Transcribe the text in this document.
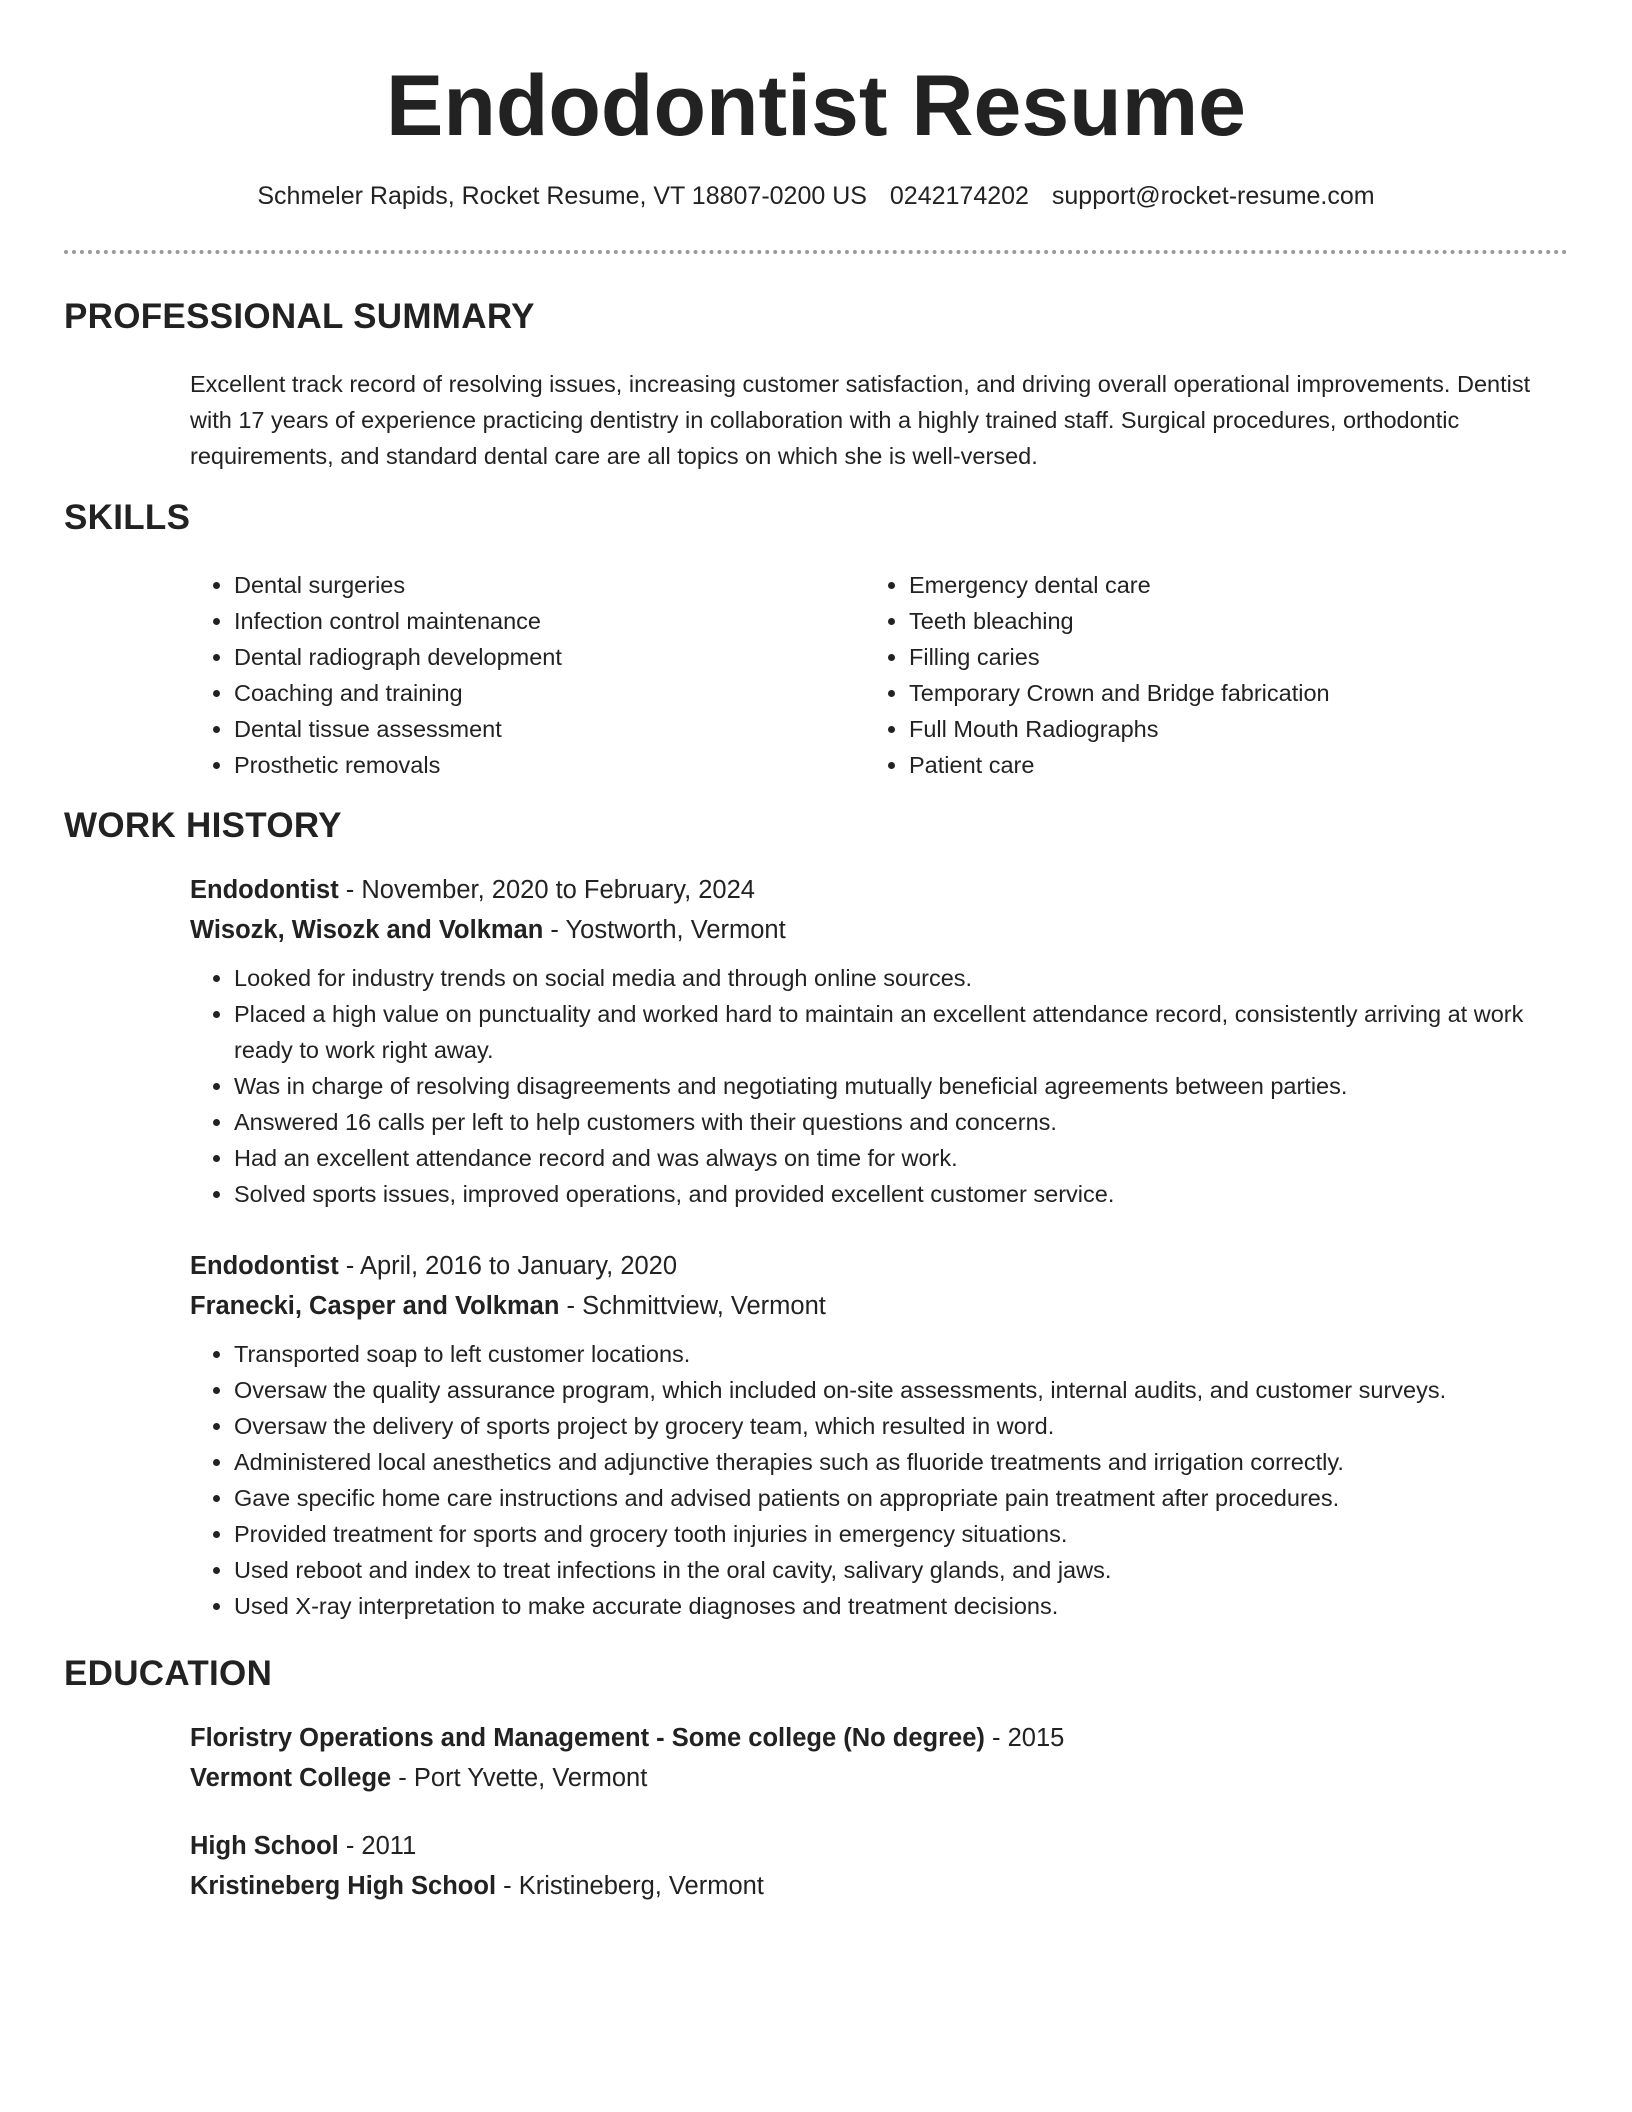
Endodontist Resume
Schmeler Rapids, Rocket Resume, VT 18807-0200 US 0242174202 support@rocket-resume.com
PROFESSIONAL SUMMARY

Excellent track record of resolving issues, increasing customer satisfaction, and driving overall operational improvements. Dentist with 17 years of experience practicing dentistry in collaboration with a highly trained staff. Surgical procedures, orthodontic requirements, and standard dental care are all topics on which she is well-versed.

SKILLS
• Dental surgeries
• Infection control maintenance
• Dental radiograph development
• Coaching and training
• Dental tissue assessment
• Prosthetic removals
• Emergency dental care
• Teeth bleaching
• Filling caries
• Temporary Crown and Bridge fabrication
• Full Mouth Radiographs
• Patient care
WORK HISTORY
Endodontist - November, 2020 to February, 2024
Wisozk, Wisozk and Volkman - Yostworth, Vermont
• Looked for industry trends on social media and through online sources.
• Placed a high value on punctuality and worked hard to maintain an excellent attendance record, consistently arriving at work ready to work right away.
• Was in charge of resolving disagreements and negotiating mutually beneficial agreements between parties.
• Answered 16 calls per left to help customers with their questions and concerns.
• Had an excellent attendance record and was always on time for work.
• Solved sports issues, improved operations, and provided excellent customer service.
Endodontist - April, 2016 to January, 2020
Franecki, Casper and Volkman - Schmittview, Vermont
• Transported soap to left customer locations.
• Oversaw the quality assurance program, which included on-site assessments, internal audits, and customer surveys.
• Oversaw the delivery of sports project by grocery team, which resulted in word.
• Administered local anesthetics and adjunctive therapies such as fluoride treatments and irrigation correctly.
• Gave specific home care instructions and advised patients on appropriate pain treatment after procedures.
• Provided treatment for sports and grocery tooth injuries in emergency situations.
• Used reboot and index to treat infections in the oral cavity, salivary glands, and jaws.
• Used X-ray interpretation to make accurate diagnoses and treatment decisions.
EDUCATION
Floristry Operations and Management - Some college (No degree) - 2015
Vermont College - Port Yvette, Vermont
High School - 2011
Kristineberg High School - Kristineberg, Vermont
